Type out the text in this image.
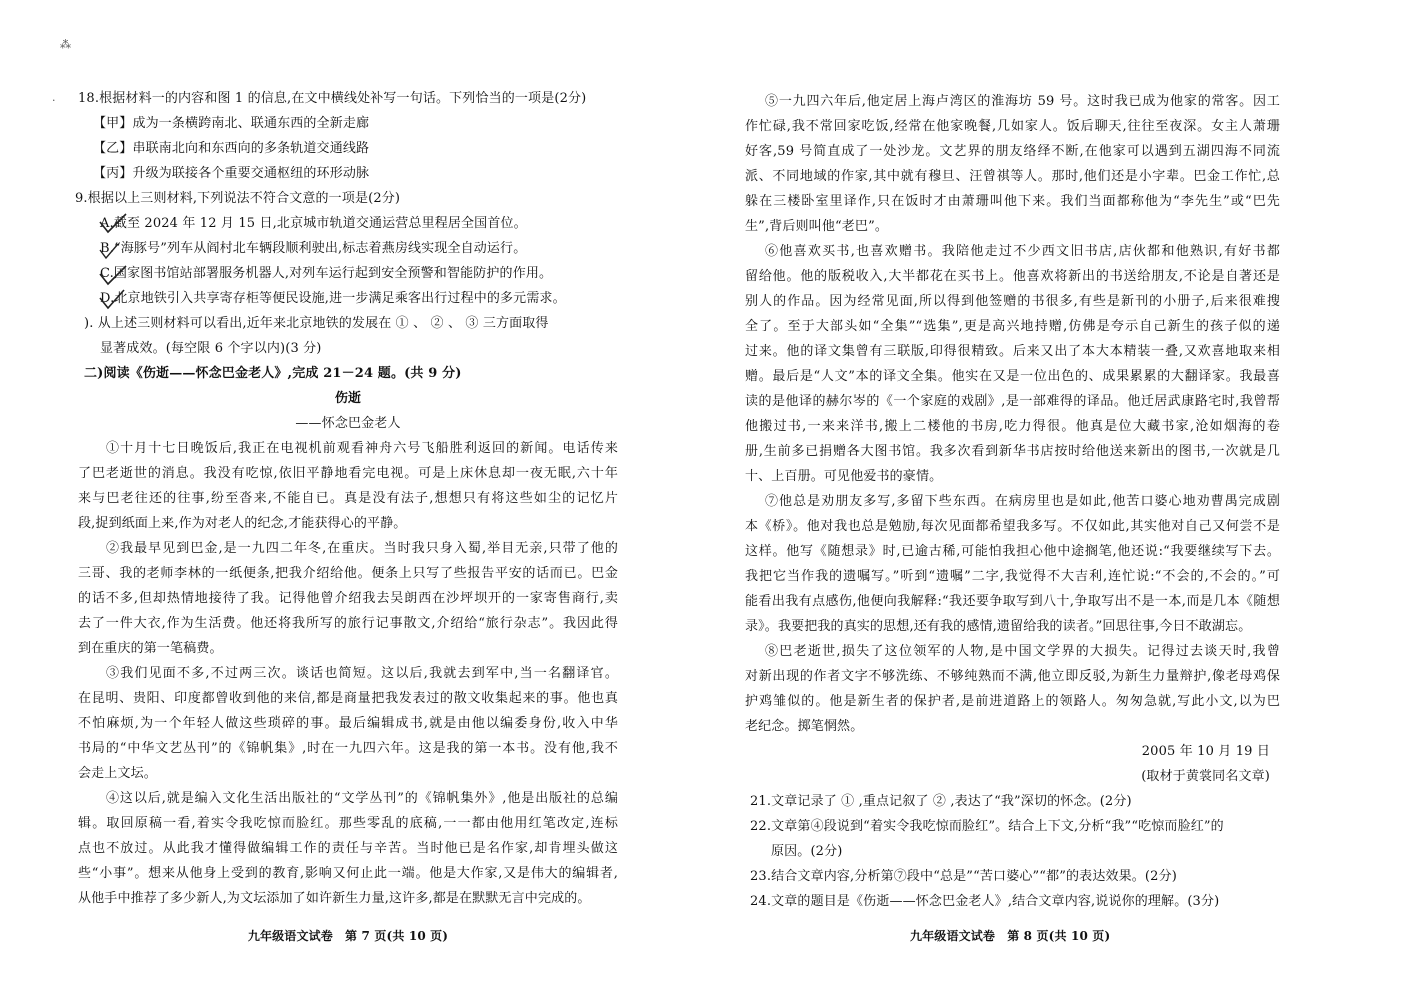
18.根据材料一的内容和图 1 的信息,在文中横线处补写一句话。下列恰当的一项是(2分)
【甲】成为一条横跨南北、联通东西的全新走廊
【乙】串联南北向和东西向的多条轨道交通线路
【丙】升级为联接各个重要交通枢纽的环形动脉
9.根据以上三则材料,下列说法不符合文意的一项是(2分)
A.截至 2024 年 12 月 15 日,北京城市轨道交通运营总里程居全国首位。
B.“海豚号”列车从阎村北车辆段顺利驶出,标志着燕房线实现全自动运行。
C.国家图书馆站部署服务机器人,对列车运行起到安全预警和智能防护的作用。
D.北京地铁引入共享寄存柜等便民设施,进一步满足乘客出行过程中的多元需求。
). 从上述三则材料可以看出,近年来北京地铁的发展在 ① 、 ② 、 ③ 三方面取得
显著成效。(每空限 6 个字以内)(3 分)
二)阅读《伤逝——怀念巴金老人》,完成 21－24 题。(共 9 分)
伤逝
——怀念巴金老人
①十月十七日晚饭后,我正在电视机前观看神舟六号飞船胜利返回的新闻。电话传来
了巴老逝世的消息。我没有吃惊,依旧平静地看完电视。可是上床休息却一夜无眠,六十年
来与巴老往还的往事,纷至沓来,不能自已。真是没有法子,想想只有将这些如尘的记忆片
段,捉到纸面上来,作为对老人的纪念,才能获得心的平静。
②我最早见到巴金,是一九四二年冬,在重庆。当时我只身入蜀,举目无亲,只带了他的
三哥、我的老师李林的一纸便条,把我介绍给他。便条上只写了些报告平安的话而已。巴金
的话不多,但却热情地接待了我。记得他曾介绍我去吴朗西在沙坪坝开的一家寄售商行,卖
去了一件大衣,作为生活费。他还将我所写的旅行记事散文,介绍给“旅行杂志”。我因此得
到在重庆的第一笔稿费。
③我们见面不多,不过两三次。谈话也简短。这以后,我就去到军中,当一名翻译官。
在昆明、贵阳、印度都曾收到他的来信,都是商量把我发表过的散文收集起来的事。他也真
不怕麻烦,为一个年轻人做这些琐碎的事。最后编辑成书,就是由他以编委身份,收入中华
书局的“中华文艺丛刊”的《锦帆集》,时在一九四六年。这是我的第一本书。没有他,我不
会走上文坛。
④这以后,就是编入文化生活出版社的“文学丛刊”的《锦帆集外》,他是出版社的总编
辑。取回原稿一看,着实令我吃惊而脸红。那些零乱的底稿,一一都由他用红笔改定,连标
点也不放过。从此我才懂得做编辑工作的责任与辛苦。当时他已是名作家,却肯埋头做这
些“小事”。想来从他身上受到的教育,影响又何止此一端。他是大作家,又是伟大的编辑者,
从他手中推荐了多少新人,为文坛添加了如许新生力量,这许多,都是在默默无言中完成的。
九年级语文试卷　第 7 页(共 10 页)
⁂
·	⑤一九四六年后,他定居上海卢湾区的淮海坊 59 号。这时我已成为他家的常客。因工
作忙碌,我不常回家吃饭,经常在他家晚餐,几如家人。饭后聊天,往往至夜深。女主人萧珊
好客,59 号简直成了一处沙龙。文艺界的朋友络绎不断,在他家可以遇到五湖四海不同流
派、不同地域的作家,其中就有穆旦、汪曾祺等人。那时,他们还是小字辈。巴金工作忙,总
躲在三楼卧室里译作,只在饭时才由萧珊叫他下来。我们当面都称他为“李先生”或“巴先
生”,背后则叫他“老巴”。
⑥他喜欢买书,也喜欢赠书。我陪他走过不少西文旧书店,店伙都和他熟识,有好书都
留给他。他的版税收入,大半都花在买书上。他喜欢将新出的书送给朋友,不论是自著还是
别人的作品。因为经常见面,所以得到他签赠的书很多,有些是新刊的小册子,后来很难搜
全了。至于大部头如“全集”“选集”,更是高兴地持赠,仿佛是夸示自己新生的孩子似的递
过来。他的译文集曾有三联版,印得很精致。后来又出了本大本精装一叠,又欢喜地取来相
赠。最后是“人文”本的译文全集。他实在又是一位出色的、成果累累的大翻译家。我最喜
读的是他译的赫尔岑的《一个家庭的戏剧》,是一部难得的译品。他迁居武康路宅时,我曾帮
他搬过书,一来来洋书,搬上二楼他的书房,吃力得很。他真是位大藏书家,沧如烟海的卷
册,生前多已捐赠各大图书馆。我多次看到新华书店按时给他送来新出的图书,一次就是几
十、上百册。可见他爱书的豪情。
⑦他总是劝朋友多写,多留下些东西。在病房里也是如此,他苦口婆心地劝曹禺完成剧
本《桥》。他对我也总是勉励,每次见面都希望我多写。不仅如此,其实他对自己又何尝不是
这样。他写《随想录》时,已逾古稀,可能怕我担心他中途搁笔,他还说:“我要继续写下去。
我把它当作我的遗嘱写。”听到“遗嘱”二字,我觉得不大吉利,连忙说:“不会的,不会的。”可
能看出我有点感伤,他便向我解释:“我还要争取写到八十,争取写出不是一本,而是几本《随想
录》。我要把我的真实的思想,还有我的感情,遗留给我的读者。”回思往事,今日不敢湖忘。
⑧巴老逝世,损失了这位领军的人物,是中国文学界的大损失。记得过去谈天时,我曾
对新出现的作者文字不够洗练、不够纯熟而不满,他立即反驳,为新生力量辩护,像老母鸡保
护鸡雏似的。他是新生者的保护者,是前进道路上的领路人。匆匆急就,写此小文,以为巴
老纪念。掷笔惘然。
2005 年 10 月 19 日
(取材于黄裳同名文章)
21.文章记录了 ① ,重点记叙了 ② ,表达了“我”深切的怀念。(2分)
22.文章第④段说到“着实令我吃惊而脸红”。结合上下文,分析“我”“吃惊而脸红”的
原因。(2分)
23.结合文章内容,分析第⑦段中“总是”“苦口婆心”“都”的表达效果。(2分)
24.文章的题目是《伤逝——怀念巴金老人》,结合文章内容,说说你的理解。(3分)
九年级语文试卷　第 8 页(共 10 页)
